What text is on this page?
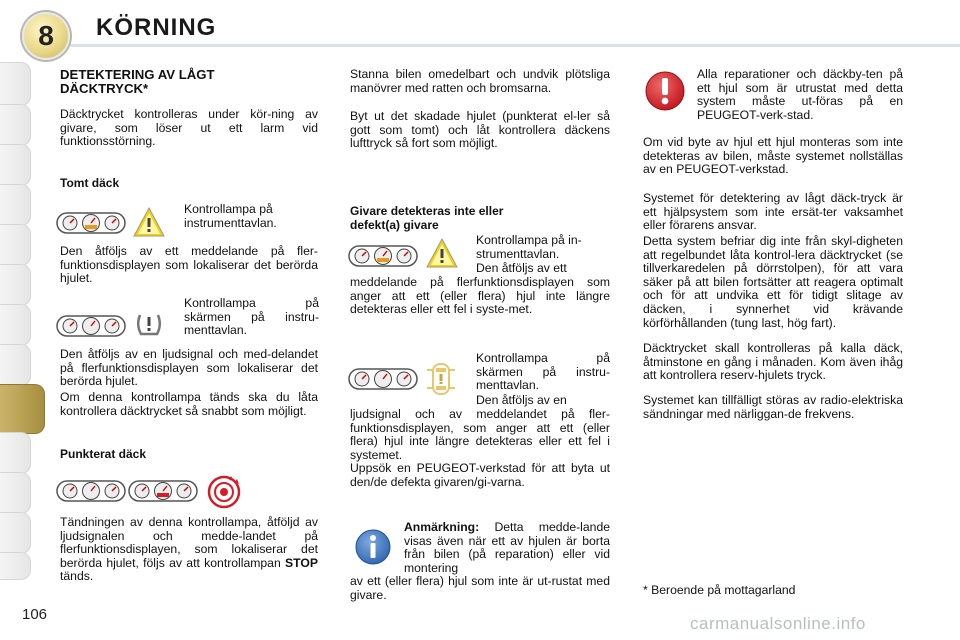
8	KÖRNING
DETEKTERING AV LÅGT DÄCKTRYCK*

Däcktrycket kontrolleras under kör-ning av givare, som löser ut ett larm vid funktionsstörning.

Tomt däck

Kontrollampa på instrumenttavlan.

Den åtföljs av ett meddelande på fler-funktionsdisplayen som lokaliserar det berörda hjulet.

Kontrollampa på skärmen på instru-menttavlan.

Den åtföljs av en ljudsignal och med-delandet på flerfunktionsdisplayen som lokaliserar det berörda hjulet.

Om denna kontrollampa tänds ska du låta kontrollera däcktrycket så snabbt som möjligt.

Punkterat däck

Tändningen av denna kontrollampa, åtföljd av ljudsignalen och medde-landet på flerfunktionsdisplayen, som lokaliserar det berörda hjulet, följs av att kontrollampan STOP tänds.

106

Stanna bilen omedelbart och undvik plötsliga manövrer med ratten och bromsarna.

Byt ut det skadade hjulet (punkterat el-ler så gott som tomt) och låt kontrollera däckens lufttryck så fort som möjligt.

Givare detekteras inte eller defekt(a) givare

Kontrollampa på in-strumenttavlan.

Den åtföljs av ett

meddelande på flerfunktionsdisplayen som anger att ett (eller flera) hjul inte längre detekteras eller ett fel i syste-met.

Kontrollampa på skärmen på instru-menttavlan.

Den åtföljs av en

ljudsignal och av meddelandet på fler-funktionsdisplayen, som anger att ett (eller flera) hjul inte längre detekteras eller ett fel i systemet.

Uppsök en PEUGEOT-verkstad för att byta ut den/de defekta givaren/gi-varna.

Anmärkning: Detta medde-lande visas även när ett av hjulen är borta från bilen (på reparation) eller vid montering

av ett (eller flera) hjul som inte är ut-rustat med givare.

Alla reparationer och däckby-ten på ett hjul som är utrustat med detta system måste ut-föras på en PEUGEOT-verk-stad.

Om vid byte av hjul ett hjul monteras som inte detekteras av bilen, måste systemet nollställas av en PEUGEOT-verkstad.

Systemet för detektering av lågt däck-tryck är ett hjälpsystem som inte ersät-ter vaksamhet eller förarens ansvar.

Detta system befriar dig inte från skyl-digheten att regelbundet låta kontrol-lera däcktrycket (se tillverkaredelen på dörrstolpen), för att vara säker på att bilen fortsätter att reagera optimalt och för att undvika ett för tidigt slitage av däcken, i synnerhet vid krävande körförhållanden (tung last, hög fart).

Däcktrycket skall kontrolleras på kalla däck, åtminstone en gång i månaden. Kom även ihåg att kontrollera reserv-hjulets tryck.

Systemet kan tillfälligt störas av radio-elektriska sändningar med närliggan-de frekvens.

* Beroende på mottagarland

carmanualsonline.info
